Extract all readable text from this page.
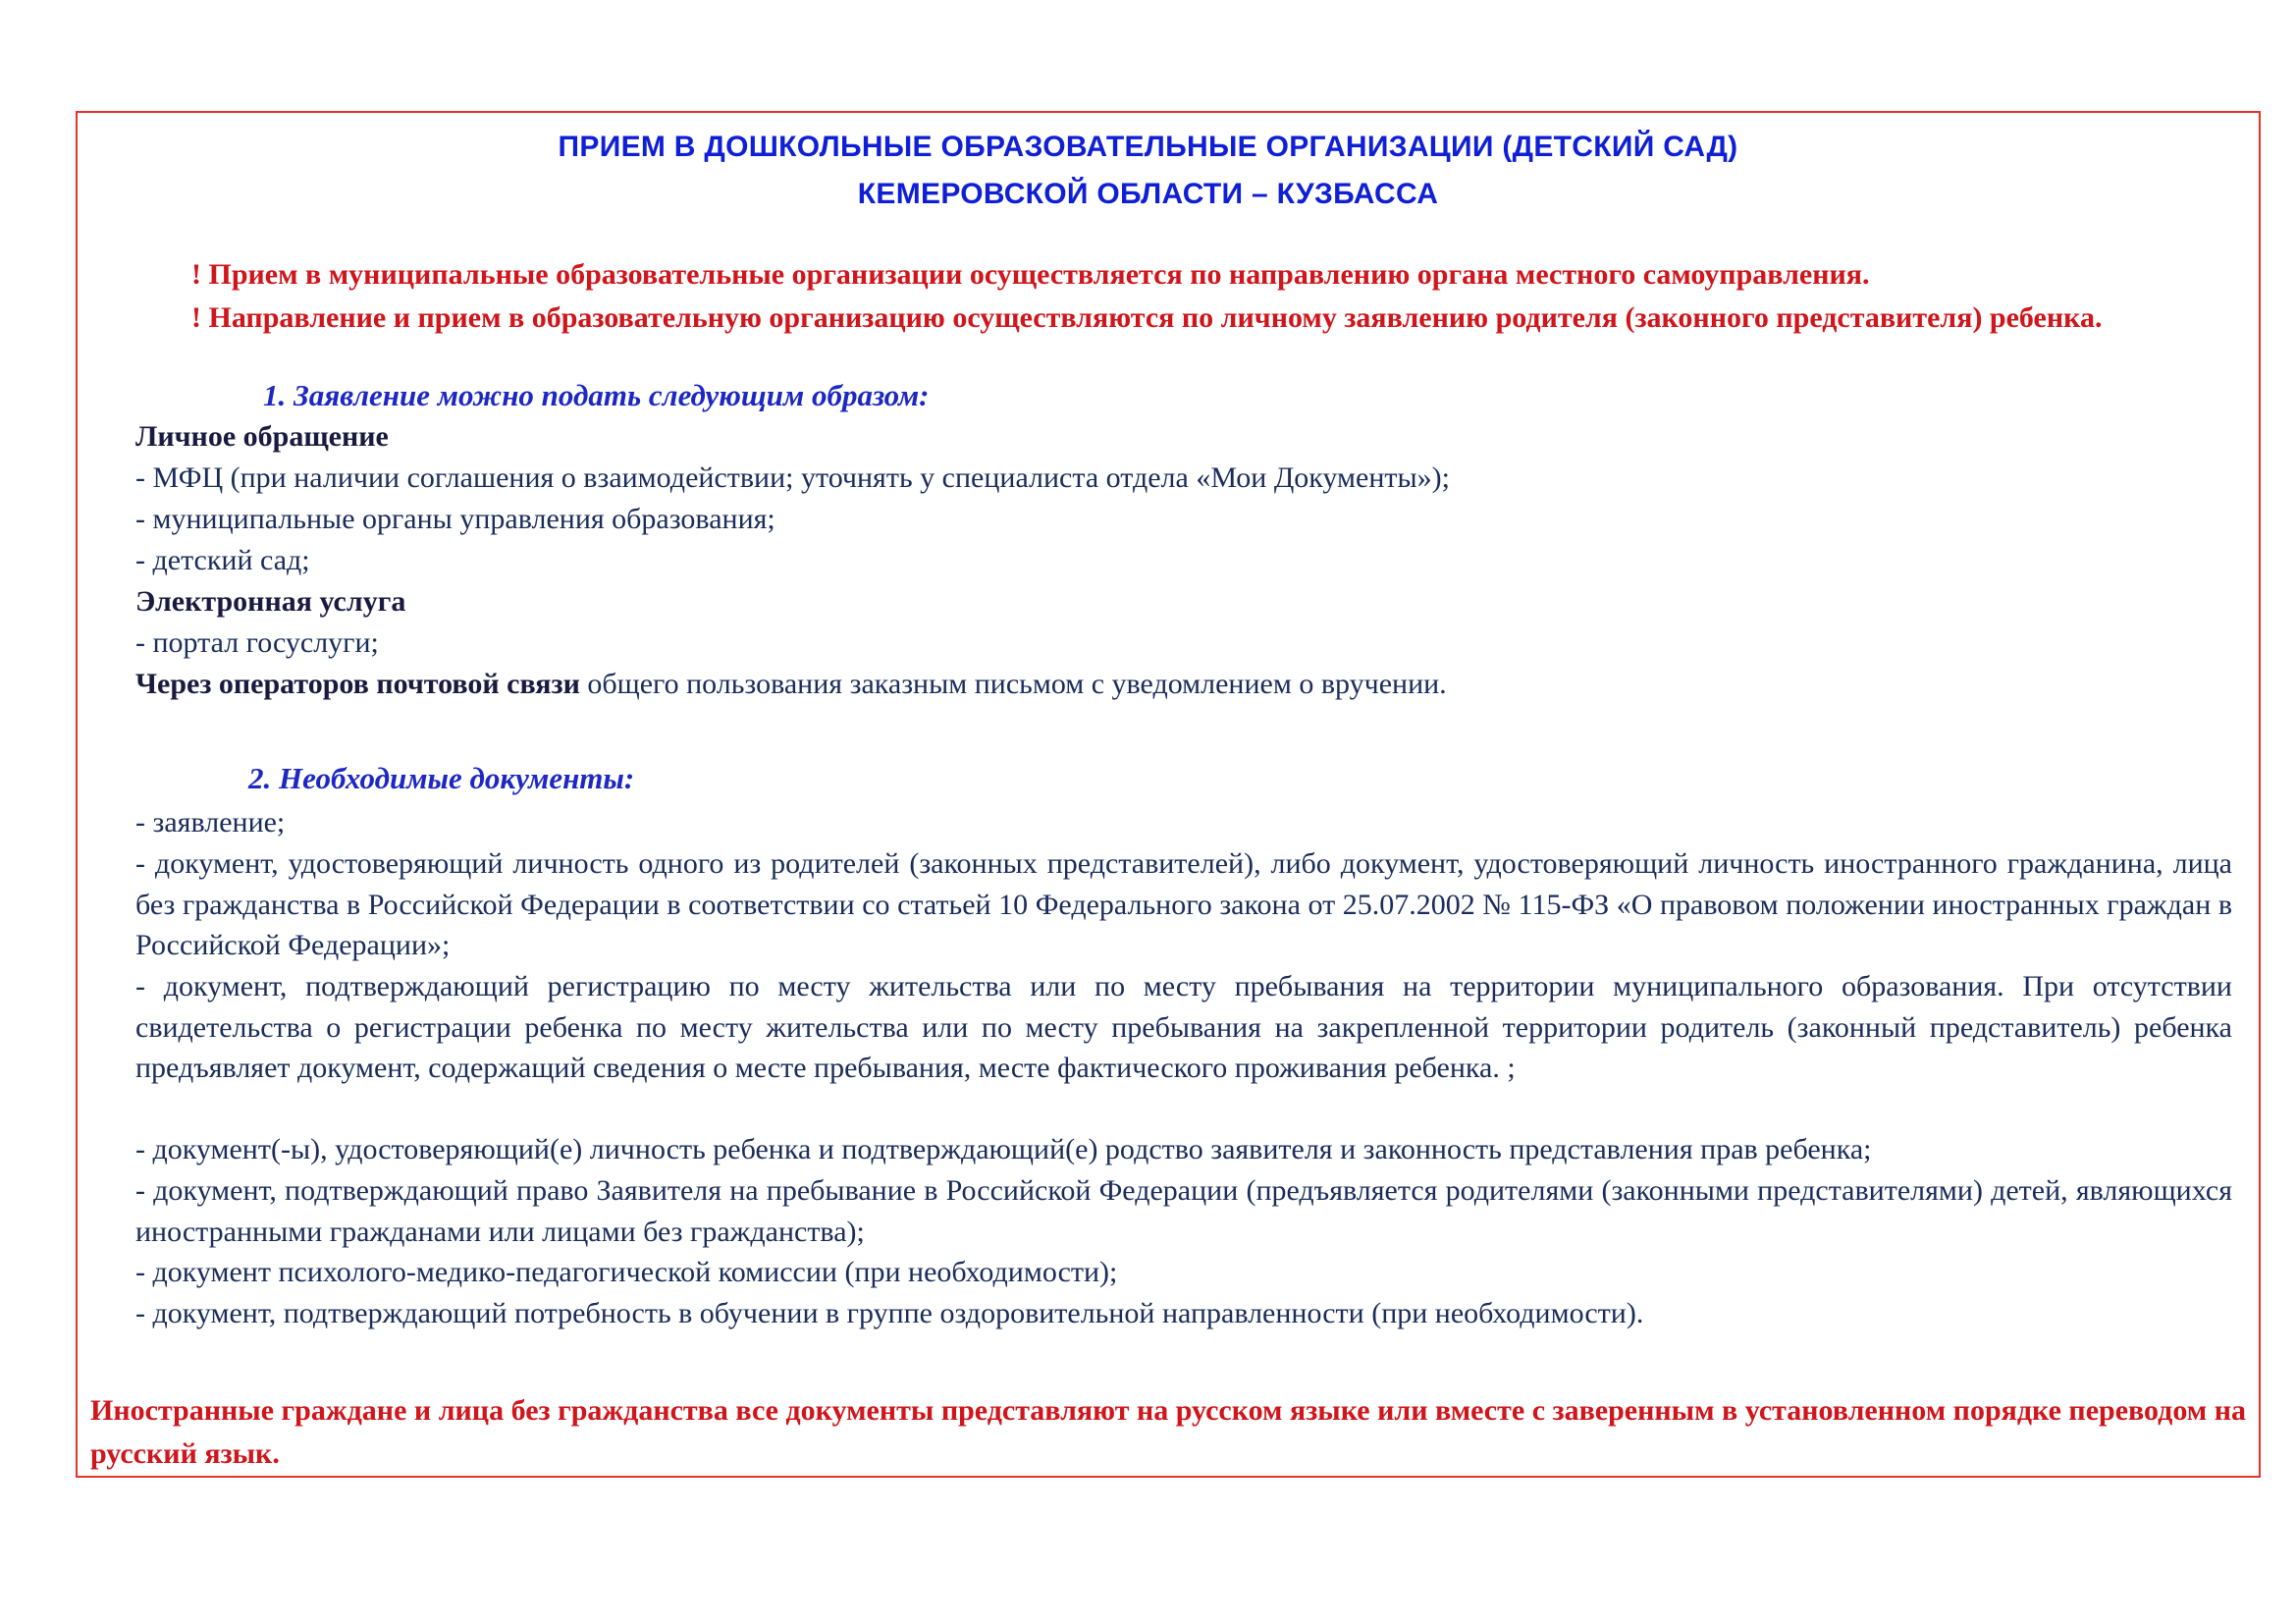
ПРИЕМ В ДОШКОЛЬНЫЕ ОБРАЗОВАТЕЛЬНЫЕ ОРГАНИЗАЦИИ (ДЕТСКИЙ САД)
КЕМЕРОВСКОЙ ОБЛАСТИ – КУЗБАССА
! Прием в муниципальные образовательные организации осуществляется по направлению органа местного самоуправления.
! Направление и прием в образовательную организацию осуществляются по личному заявлению родителя (законного представителя) ребенка.
1. Заявление можно подать следующим образом:
Личное обращение
- МФЦ (при наличии соглашения о взаимодействии; уточнять у специалиста отдела «Мои Документы»);
- муниципальные органы управления образования;
- детский сад;
Электронная услуга
- портал госуслуги;
Через операторов почтовой связи общего пользования заказным письмом с уведомлением о вручении.
2. Необходимые документы:
- заявление;
- документ, удостоверяющий личность одного из родителей (законных представителей), либо документ, удостоверяющий личность иностранного гражданина, лица без гражданства в Российской Федерации в соответствии со статьей 10 Федерального закона от 25.07.2002 № 115-ФЗ «О правовом положении иностранных граждан в Российской Федерации»;
- документ, подтверждающий регистрацию по месту жительства или по месту пребывания на территории муниципального образования. При отсутствии свидетельства о регистрации ребенка по месту жительства или по месту пребывания на закрепленной территории родитель (законный представитель) ребенка предъявляет документ, содержащий сведения о месте пребывания, месте фактического проживания ребенка. ;
- документ(-ы), удостоверяющий(е) личность ребенка и подтверждающий(е) родство заявителя и законность представления прав ребенка;
- документ, подтверждающий право Заявителя на пребывание в Российской Федерации (предъявляется родителями (законными представителями) детей, являющихся иностранными гражданами или лицами без гражданства);
- документ психолого-медико-педагогической комиссии (при необходимости);
- документ, подтверждающий потребность в обучении в группе оздоровительной направленности (при необходимости).
Иностранные граждане и лица без гражданства все документы представляют на русском языке или вместе с заверенным в установленном порядке переводом на русский язык.
